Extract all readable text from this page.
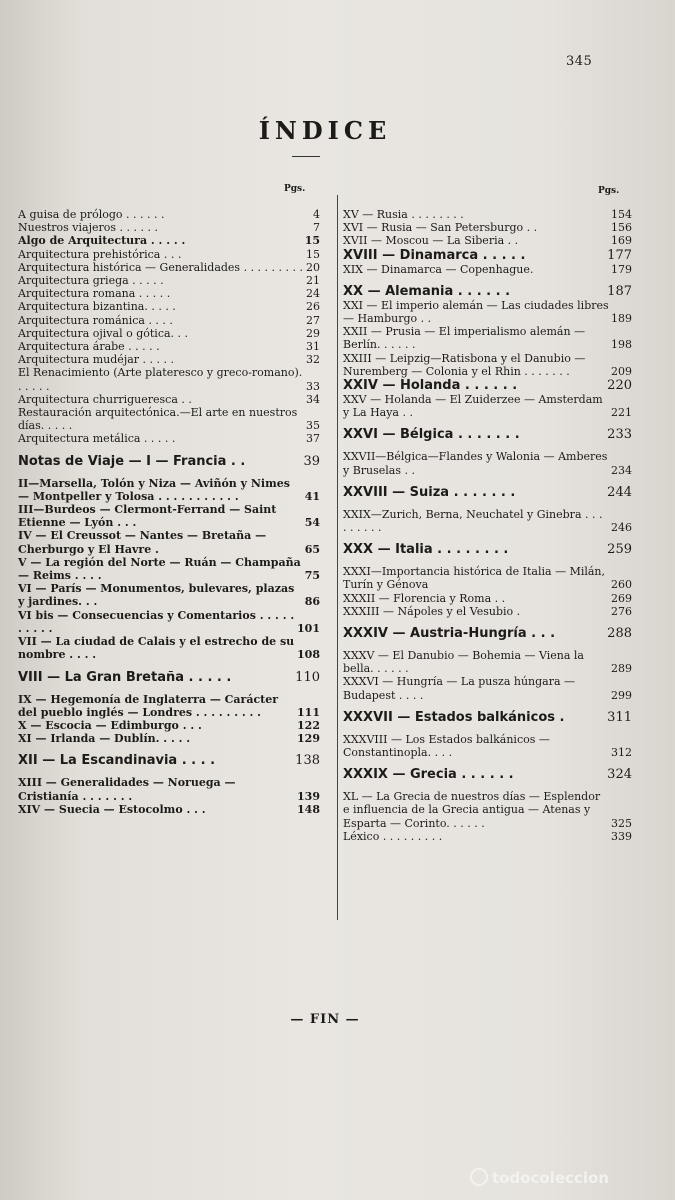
345
ÍNDICE
Pgs.	Pgs.
A guisa de prólogo . . . . . .	4
Nuestros viajeros . . . . . .	7
Algo de Arquitectura . . . . .	15
Arquitectura prehistórica . . .	15
Arquitectura histórica — Generalidades . . . . . . . . . 20
Arquitectura griega . . . . .	21
Arquitectura romana . . . . .	24
Arquitectura bizantina. . . . .	26
Arquitectura románica . . . .	27
Arquitectura ojival o gótica. . .	29
Arquitectura árabe . . . . .	31
Arquitectura mudéjar . . . . .	32
El Renacimiento (Arte plateresco y greco-romano). . . . . .	33
Arquitectura churrigueresca . .	34
Restauración arquitectónica.—El arte en nuestros días. . . . .	35
Arquitectura metálica . . . . .	37
Notas de Viaje — I — Francia . .	39
II—Marsella, Tolón y Niza — Aviñón y Nimes — Montpeller y Tolosa . . . . . . . . . . .	41
III—Burdeos — Clermont-Ferrand — Saint Etienne — Lyón . . .	54
IV — El Creussot — Nantes — Bretaña — Cherburgo y El Havre .	65
V — La región del Norte — Ruán — Champaña — Reims . . . .	75
VI — París — Monumentos, bulevares, plazas y jardines. . .	86
VI bis — Consecuencias y Comentarios . . . . . . . . . .	101
VII — La ciudad de Calais y el estrecho de su nombre . . . .	108
VIII — La Gran Bretaña . . . . .	110
IX — Hegemonía de Inglaterra — Carácter del pueblo inglés — Londres . . . . . . . . .	111
X — Escocia — Edimburgo . . .	122
XI — Irlanda — Dublín. . . . .	129
XII — La Escandinavia . . . .	138
XIII — Generalidades — Noruega — Cristianía . . . . . . .	139
XIV — Suecia — Estocolmo . . .	148
XV — Rusia . . . . . . . .	154
XVI — Rusia — San Petersburgo . .	156
XVII — Moscou — La Siberia . .	169
XVIII — Dinamarca . . . . .	177
XIX — Dinamarca — Copenhague.	179
XX — Alemania . . . . . .	187
XXI — El imperio alemán — Las ciudades libres — Hamburgo . .	189
XXII — Prusia — El imperialismo alemán — Berlín. . . . . .	198
XXIII — Leipzig—Ratisbona y el Danubio — Nuremberg — Colonia y el Rhin . . . . . . .	209
XXIV — Holanda . . . . . .	220
XXV — Holanda — El Zuiderzee — Amsterdam y La Haya . .	221
XXVI — Bélgica . . . . . . .	233
XXVII—Bélgica—Flandes y Walonia — Amberes y Bruselas . .	234
XXVIII — Suiza . . . . . . .	244
XXIX—Zurich, Berna, Neuchatel y Ginebra . . . . . . . . .	246
XXX — Italia . . . . . . . .	259
XXXI—Importancia histórica de Italia — Milán, Turín y Génova	260
XXXII — Florencia y Roma . .	269
XXXIII — Nápoles y el Vesubio .	276
XXXIV — Austria-Hungría . . .	288
XXXV — El Danubio — Bohemia — Viena la bella. . . . . .	289
XXXVI — Hungría — La pusza húngara — Budapest . . . .	299
XXXVII — Estados balkánicos .	311
XXXVIII — Los Estados balkánicos — Constantinopla. . . .	312
XXXIX — Grecia . . . . . .	324
XL — La Grecia de nuestros días — Esplendor e influencia de la Grecia antigua — Atenas y Esparta — Corinto. . . . . .	325
Léxico . . . . . . . . .	339
— FIN —
todocoleccion
